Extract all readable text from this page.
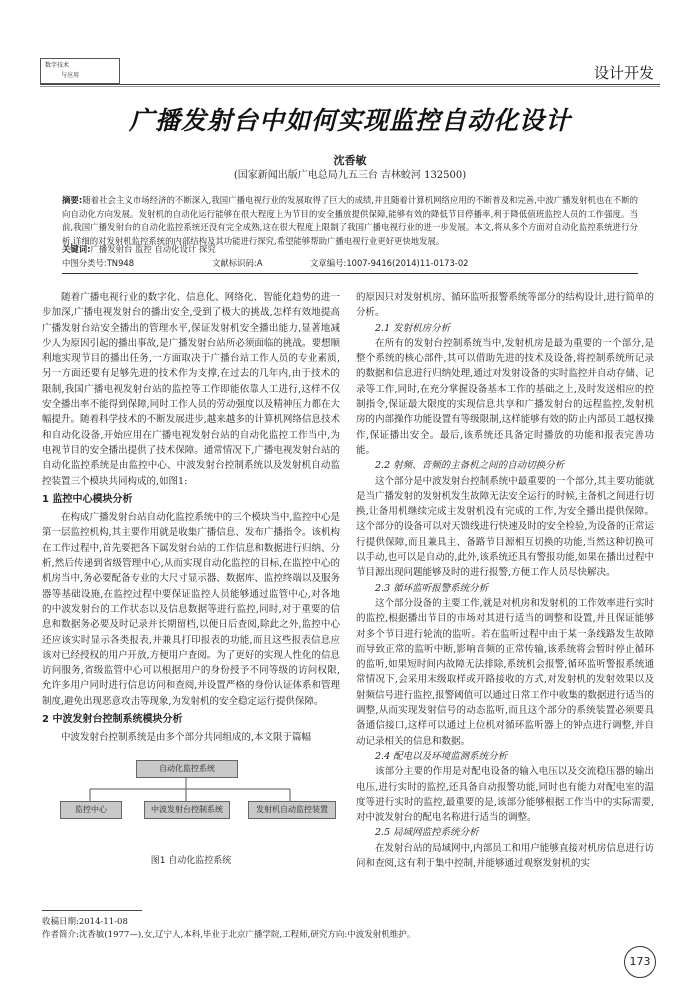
数字技术
与应用	设计开发
广播发射台中如何实现监控自动化设计
沈香敏
(国家新闻出版广电总局九五三台 吉林蛟河 132500)
摘要:随着社会主义市场经济的不断深入,我国广播电视行业的发展取得了巨大的成绩,并且随着计算机网络应用的不断普及和完善,中波广播发射机也在不断的向自动化方向发展。发射机的自动化运行能够在很大程度上为节目的安全播放提供保障,能够有效的降低节目停播率,利于降低值班监控人员的工作强度。当前,我国广播发射台的自动化监控系统还没有完全成熟,这在很大程度上限制了我国广播电视行业的进一步发展。本文,将从多个方面对自动化监控系统进行分析,详细的对发射机监控系统的内部结构及其功能进行探究,希望能够帮助广播电视行业更好更快地发展。
关键词:广播发射台 监控 自动化设计 探究
中图分类号:TN948	文献标识码:A	文章编号:1007-9416(2014)11-0173-02

随着广播电视行业的数字化、信息化、网络化、智能化趋势的进一步加深,广播电视发射台的播出安全,受到了极大的挑战,怎样有效地提高广播发射台站安全播出的管理水平,保证发射机安全播出能力,显著地减少人为原因引起的播出事故,是广播发射台站所必须面临的挑战。要想顺利地实现节目的播出任务,一方面取决于广播台站工作人员的专业素质,另一方面还要有足够先进的技术作为支撑,在过去的几年内,由于技术的限制,我国广播电视发射台站的监控等工作即能依靠人工进行,这样不仅安全播出率不能得到保障,同时工作人员的劳动强度以及精神压力都在大幅提升。随着科学技术的不断发展进步,越来越多的计算机网络信息技术和自动化设备,开始应用在广播电视发射台站的自动化监控工作当中,为电视节目的安全播出提供了技术保障。通常情况下,广播电视发射台站的自动化监控系统是由监控中心、中波发射台控制系统以及发射机自动监控装置三个模块共同构成的,如图1:

1 监控中心模块分析

在构成广播发射台站自动化监控系统中的三个模块当中,监控中心是第一层监控机构,其主要作用就是收集广播信息、发布广播指令。该机构在工作过程中,首先要把各下属发射台站的工作信息和数据进行归纳、分析,然后传递到省级管理中心,从而实现自动化监控的目标,在监控中心的机房当中,务必要配备专业的大尺寸显示器、数据库、监控终端以及服务器等基础设施,在监控过程中要保证监控人员能够通过监管中心,对各地的中波发射台的工作状态以及信息数据等进行监控,同时,对于重要的信息和数据务必要及时记录并长期留档,以便日后查阅,除此之外,监控中心还应该实时显示各类报表,并兼具打印报表的功能,而且这些报表信息应该对已经授权的用户开放,方便用户查阅。为了更好的实现人性化的信息访问服务,省级监管中心可以根据用户的身份授予不同等级的访问权限,允许多用户同时进行信息访问和查阅,并设置严格的身份认证体系和管理制度,避免出现恶意攻击等现象,为发射机的安全稳定运行提供保障。

2 中波发射台控制系统模块分析

中波发射台控制系统是由多个部分共同组成的,本文限于篇幅

自动化监控系统
监控中心	中波发射台控制系统	发射机自动监控装置
图1 自动化监控系统

的原因只对发射机房、循环监听报警系统等部分的结构设计,进行简单的分析。

2.1 发射机房分析

在所有的发射台控制系统当中,发射机房是最为重要的一个部分,是整个系统的核心部件,其可以借助先进的技术及设备,将控制系统所记录的数据和信息进行归纳处理,通过对发射设备的实时监控并自动存储、记录等工作,同时,在充分掌握设备基本工作的基础之上,及时发送相应的控制指令,保证最大限度的实现信息共享和广播发射台的远程监控,发射机房的内部操作功能设置有等级限制,这样能够有效的防止内部员工越权操作,保证播出安全。最后,该系统还具备定时播放的功能和报表完善功能。

2.2 射频、音频的主备机之间的自动切换分析

这个部分是中波发射台控制系统中最重要的一个部分,其主要功能就是当广播发射的发射机发生故障无法安全运行的时候,主备机之间进行切换,让备用机继续完成主发射机没有完成的工作,为安全播出提供保障。这个部分的设备可以对天馈线进行快速及时的安全检验,为设备的正常运行提供保障,而且兼具主、备路节目源相互切换的功能,当然这种切换可以手动,也可以是自动的,此外,该系统还具有警报功能,如果在播出过程中节目源出现问题能够及时的进行报警,方便工作人员尽快解决。

2.3 循环监听报警系统分析

这个部分设备的主要工作,就是对机房和发射机的工作效率进行实时的监控,根据播出节目的市场对其进行适当的调整和设置,并且保证能够对多个节目进行轮流的监听。若在监听过程中由于某一条线路发生故障而导致正常的监听中断,影响音频的正常传输,该系统将会暂时停止循环的监听,如果短时间内故障无法排除,系统机会报警,循环监听警报系统通常情况下,会采用末级取样或开路接收的方式,对发射机的发射效果以及射频信号进行监控,报警阈值可以通过日常工作中收集的数据进行适当的调整,从而实现发射信号的动态监听,而且这个部分的系统装置必须要具备通信接口,这样可以通过上位机对循环监听器上的钟点进行调整,并自动记录相关的信息和数据。

2.4 配电以及环境监测系统分析

该部分主要的作用是对配电设备的输入电压以及交流稳压器的输出电压,进行实时的监控,还具备自动报警功能,同时也有能力对配电室的温度等进行实时的监控,最重要的是,该部分能够根据工作当中的实际需要,对中波发射台的配电名称进行适当的调整。

2.5 局域网监控系统分析

在发射台站的局域网中,内部员工和用户能够直接对机房信息进行访问和查阅,这有利于集中控制,并能够通过观察发射机的实

收稿日期:2014-11-08
作者简介:沈香敏(1977—),女,辽宁人,本科,毕业于北京广播学院,工程师,研究方向:中波发射机维护。
173
